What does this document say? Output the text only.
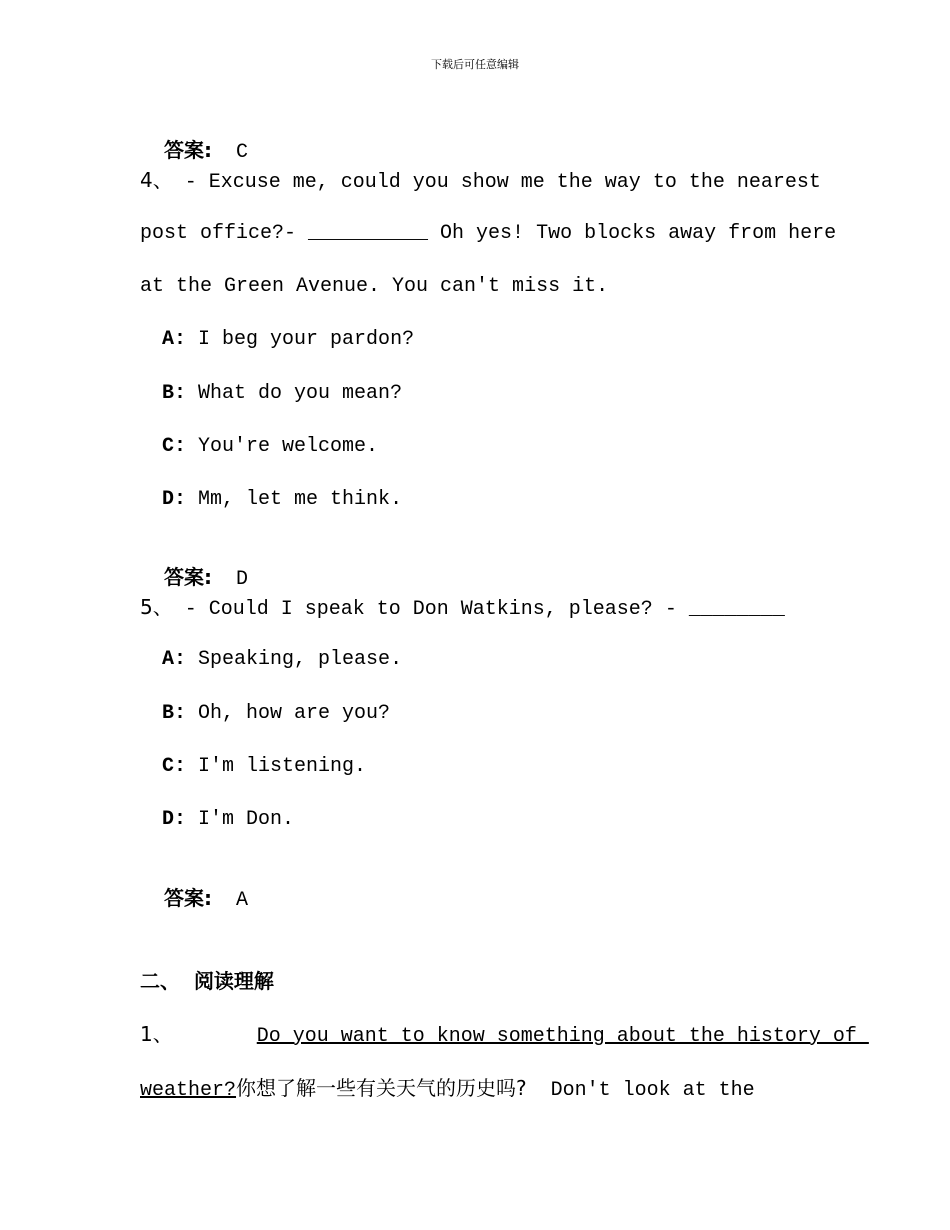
下载后可任意编辑

答案: C

4、 - Excuse me, could you show me the way to the nearest
post office?- __________ Oh yes! Two blocks away from here
at the Green Avenue. You can't miss it.
A: I beg your pardon?
B: What do you mean?
C: You're welcome.
D: Mm, let me think.

答案: D

5、 - Could I speak to Don Watkins, please? - ________
A: Speaking, please.
B: Oh, how are you?
C: I'm listening.
D: I'm Don.

答案: A

二、 阅读理解
1、	Do you want to know something about the history of
weather?你想了解一些有关天气的历史吗?  Don't look at the
